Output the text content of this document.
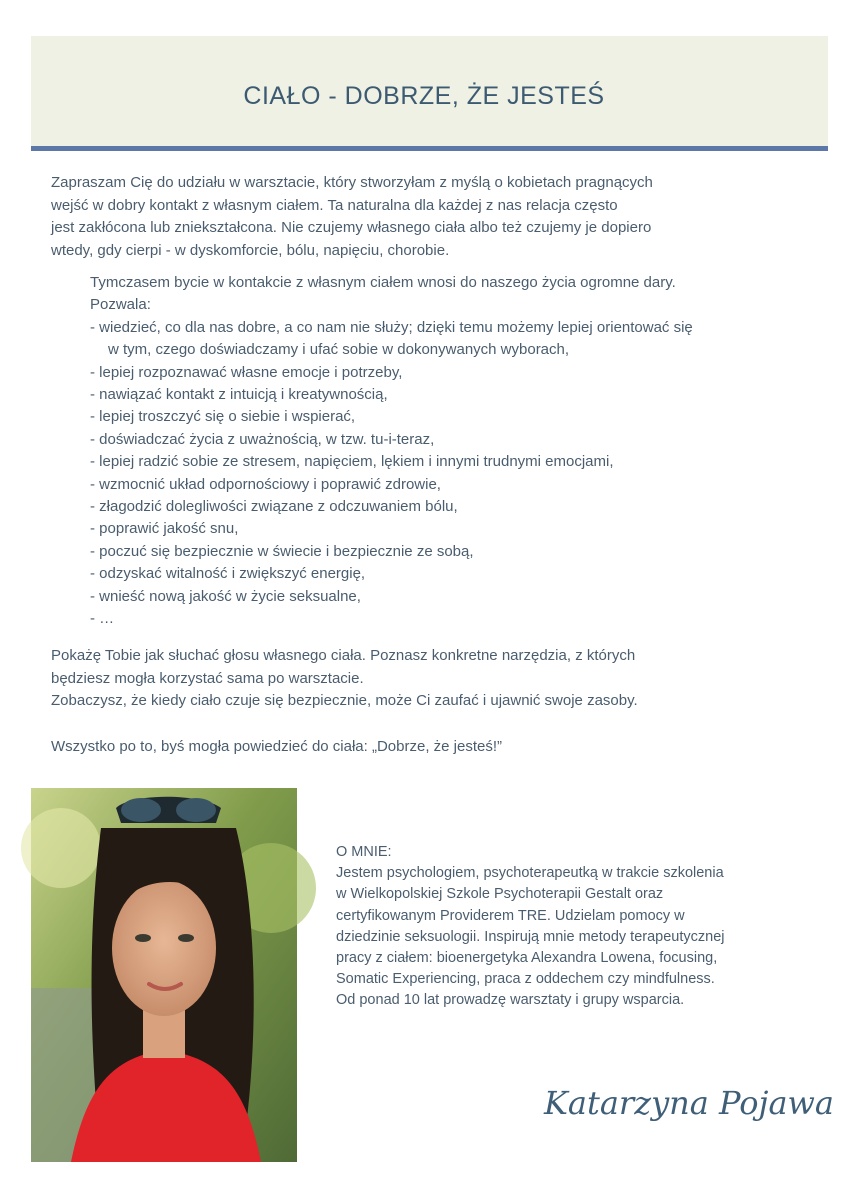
CIAŁO - DOBRZE, ŻE JESTEŚ
Zapraszam Cię do udziału w warsztacie, który stworzyłam z myślą o kobietach pragnących
wejść w dobry kontakt z własnym ciałem. Ta naturalna dla każdej z nas relacja często
jest zakłócona lub zniekształcona. Nie czujemy własnego ciała albo też czujemy je dopiero
wtedy, gdy cierpi - w dyskomforcie, bólu, napięciu, chorobie.

Tymczasem bycie w kontakcie z własnym ciałem wnosi do naszego życia ogromne dary.

Pozwala:

- wiedzieć, co dla nas dobre, a co nam nie służy; dzięki temu możemy lepiej orientować się
w tym, czego doświadczamy i ufać sobie w dokonywanych wyborach,
- lepiej rozpoznawać własne emocje i potrzeby,
- nawiązać kontakt z intuicją i kreatywnością,
- lepiej troszczyć się o siebie i wspierać,
- doświadczać życia z uważnością, w tzw. tu-i-teraz,
- lepiej radzić sobie ze stresem, napięciem, lękiem i innymi trudnymi emocjami,
- wzmocnić układ odpornościowy i poprawić zdrowie,
- złagodzić dolegliwości związane z odczuwaniem bólu,
- poprawić jakość snu,
- poczuć się bezpiecznie w świecie i bezpiecznie ze sobą,
- odzyskać witalność i zwiększyć energię,
- wnieść nową jakość w życie seksualne,
- …

Pokażę Tobie jak słuchać głosu własnego ciała. Poznasz konkretne narzędzia, z których

będziesz mogła korzystać sama po warsztacie.

Zobaczysz, że kiedy ciało czuje się bezpiecznie, może Ci zaufać i ujawnić swoje zasoby.

Wszystko po to, byś mogła powiedzieć do ciała: „Dobrze, że jesteś!”

O MNIE:
Jestem psychologiem, psychoterapeutką w trakcie szkolenia
w Wielkopolskiej Szkole Psychoterapii Gestalt oraz
certyfikowanym Providerem TRE. Udzielam pomocy w
dziedzinie seksuologii. Inspirują mnie metody terapeutycznej
pracy z ciałem: bioenergetyka Alexandra Lowena, focusing,
Somatic Experiencing, praca z oddechem czy mindfulness.
Od ponad 10 lat prowadzę warsztaty i grupy wsparcia.
Katarzyna Pojawa
